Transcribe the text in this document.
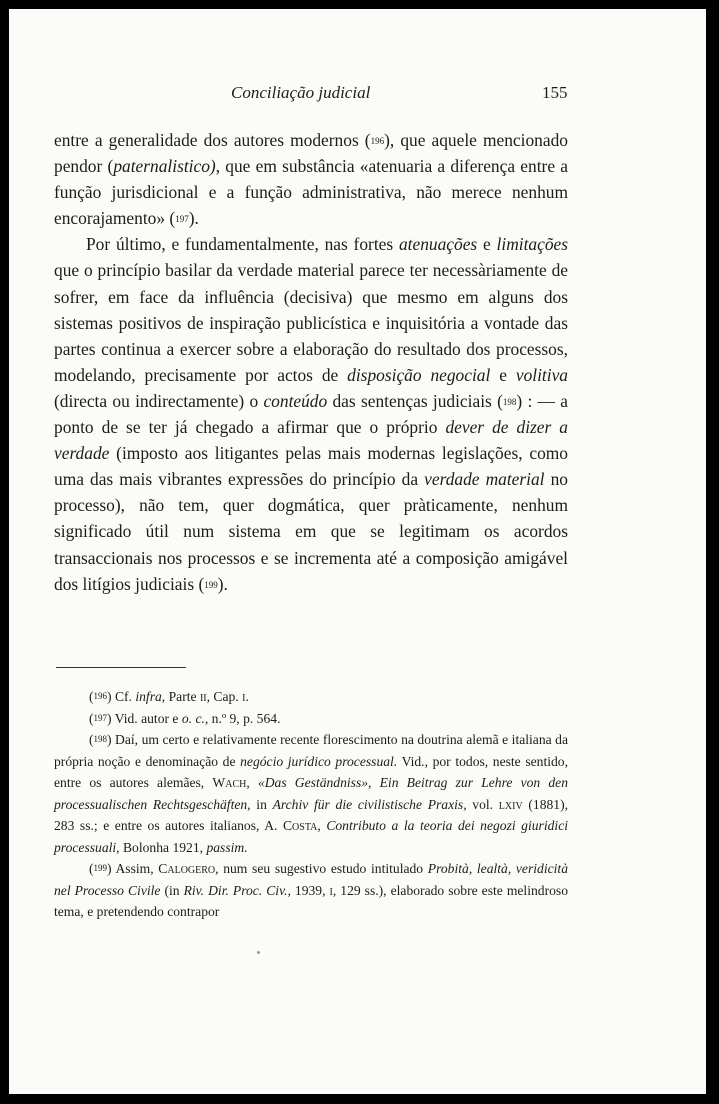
Conciliação judicial	155

entre a generalidade dos autores modernos ($^{196}$), que aquele mencionado pendor (paternalistico), que em substância «atenuaria a diferença entre a função jurisdicional e a função administrativa, não merece nenhum encorajamento» ($^{197}$).

Por último, e fundamentalmente, nas fortes atenuações e limitações que o princípio basilar da verdade material parece ter necessàriamente de sofrer, em face da influência (decisiva) que mesmo em alguns dos sistemas positivos de inspiração publicística e inquisitória a vontade das partes continua a exercer sobre a elaboração do resultado dos processos, modelando, precisamente por actos de disposição negocial e volitiva (directa ou indirectamente) o conteúdo das sentenças judiciais ($^{198}$) : — a ponto de se ter já chegado a afirmar que o próprio dever de dizer a verdade (imposto aos litigantes pelas mais modernas legislações, como uma das mais vibrantes expressões do princípio da verdade material no processo), não tem, quer dogmática, quer pràticamente, nenhum significado útil num sistema em que se legitimam os acordos transaccionais nos processos e se incrementa até a composição amigável dos litígios judiciais ($^{199}$).

($^{196}$) Cf. infra, Parte ii, Cap. i.

($^{197}$) Vid. autor e o. c., n.º 9, p. 564.

($^{198}$) Daí, um certo e relativamente recente florescimento na doutrina alemã e italiana da própria noção e denominação de negócio jurídico processual. Vid., por todos, neste sentido, entre os autores alemães, Wach, «Das Geständniss», Ein Beitrag zur Lehre von den processualischen Rechtsgeschäften, in Archiv für die civilistische Praxis, vol. lxiv (1881), 283 ss.; e entre os autores italianos, A. Costa, Contributo a la teoria dei negozi giuridici processuali, Bolonha 1921, passim.

($^{199}$) Assim, Calogero, num seu sugestivo estudo intitulado Probità, lealtà, veridicità nel Processo Civile (in Riv. Dir. Proc. Civ., 1939, i, 129 ss.), elaborado sobre este melindroso tema, e pretendendo contrapor
